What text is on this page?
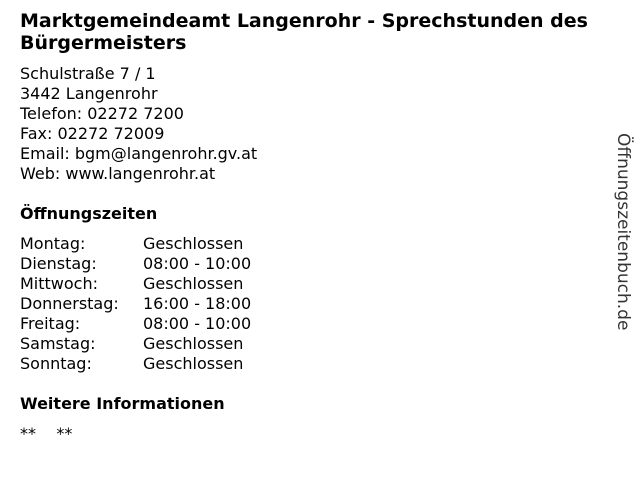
Marktgemeindeamt Langenrohr - Sprechstunden des Bürgermeisters
Schulstraße 7 / 1
3442 Langenrohr
Telefon: 02272 7200
Fax: 02272 72009
Email: bgm@langenrohr.gv.at
Web: www.langenrohr.at
Öffnungszeiten
Montag:	Geschlossen
Dienstag:	08:00 - 10:00
Mittwoch:	Geschlossen
Donnerstag:	16:00 - 18:00
Freitag:	08:00 - 10:00
Samstag:	Geschlossen
Sonntag:	Geschlossen
Weitere Informationen
**    **
Öffnungszeitenbuch.de
